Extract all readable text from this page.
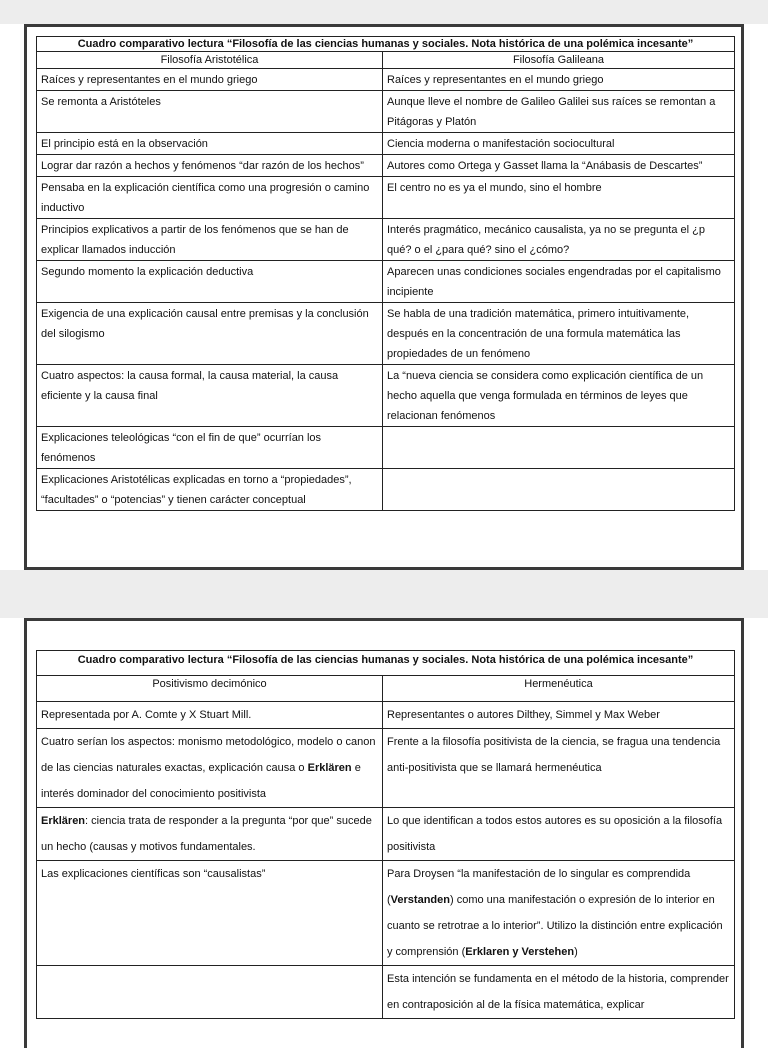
Cuadro comparativo lectura “Filosofía de las ciencias humanas y sociales. Nota histórica de una polémica incesante”	
Filosofía Aristotélica	Filosofía Galileana
Raíces y representantes en el mundo griego	Raíces y representantes en el mundo griego
Se remonta a Aristóteles	Aunque lleve el nombre de Galileo Galilei sus raíces se remontan a Pitágoras y Platón
El principio está en la observación	Ciencia moderna o manifestación sociocultural
Lograr dar razón a hechos y fenómenos “dar razón de los hechos”	Autores como Ortega y Gasset llama la “Anábasis de Descartes”
Pensaba en la explicación científica como una progresión o camino inductivo	El centro no es ya el mundo, sino el hombre
Principios explicativos a partir de los fenómenos que se han de explicar llamados inducción	Interés pragmático, mecánico causalista, ya no se pregunta el ¿p qué? o el ¿para qué? sino el ¿cómo?
Segundo momento la explicación deductiva	Aparecen unas condiciones sociales engendradas por el capitalismo incipiente
Exigencia de una explicación causal entre premisas y la conclusión del silogismo	Se habla de una tradición matemática, primero intuitivamente, después en la concentración de una formula matemática las propiedades de un fenómeno
Cuatro aspectos: la causa formal, la causa material, la causa eficiente y la causa final	La “nueva ciencia se considera como explicación científica de un hecho aquella que venga formulada en términos de leyes que relacionan fenómenos
Explicaciones teleológicas “con el fin de que” ocurrían los fenómenos	
Explicaciones Aristotélicas explicadas en torno a “propiedades”, “facultades” o “potencias” y tienen carácter conceptual	
Cuadro comparativo lectura “Filosofía de las ciencias humanas y sociales. Nota histórica de una polémica incesante”	
Positivismo decimónico	Hermenéutica
Representada por A. Comte y X Stuart Mill.	Representantes o autores Dilthey, Simmel y Max Weber
Cuatro serían los aspectos: monismo metodológico, modelo o canon de las ciencias naturales exactas, explicación causa o Erklären e interés dominador del conocimiento positivista	Frente a la filosofía positivista de la ciencia, se fragua una tendencia anti-positivista que se llamará hermenéutica
Erklären: ciencia trata de responder a la pregunta “por que” sucede un hecho (causas y motivos fundamentales.	Lo que identifican a todos estos autores es su oposición a la filosofía positivista
Las explicaciones científicas son “causalistas”	Para Droysen “la manifestación de lo singular es comprendida (Verstanden) como una manifestación o expresión de lo interior en cuanto se retrotrae a lo interior”. Utilizo la distinción entre explicación y comprensión (Erklaren y Verstehen)
	Esta intención se fundamenta en el método de la historia, comprender en contraposición al de la física matemática, explicar
